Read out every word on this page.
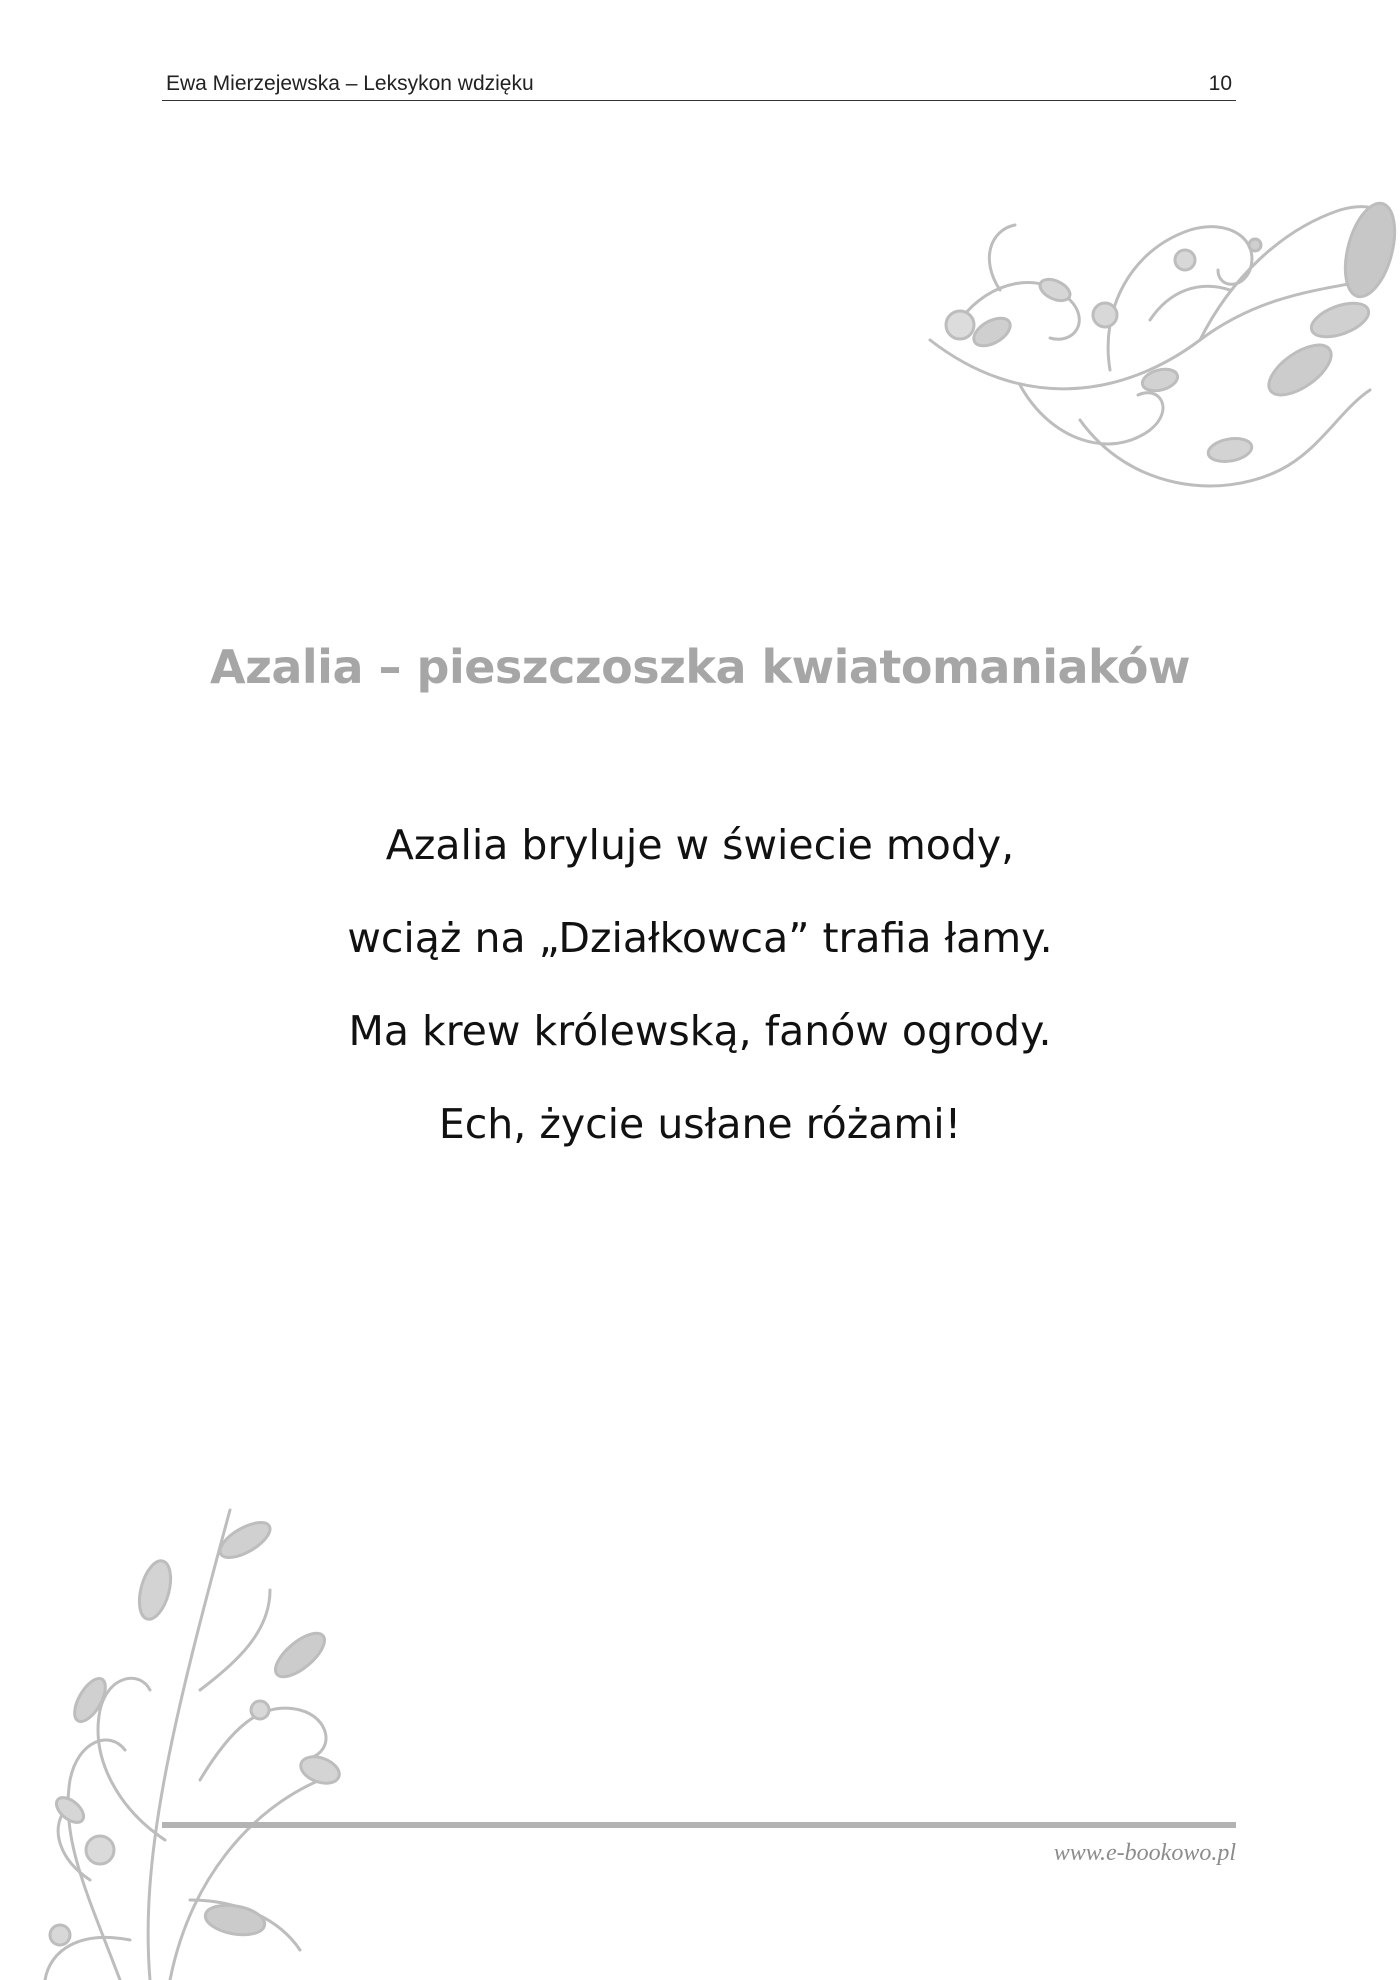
Ewa Mierzejewska – Leksykon wdzięku	10
Azalia – pieszczoszka kwiatomaniaków
Azalia bryluje w świecie mody,
wciąż na „Działkowca” trafia łamy.
Ma krew królewską, fanów ogrody.
Ech, życie usłane różami!
www.e-bookowo.pl
